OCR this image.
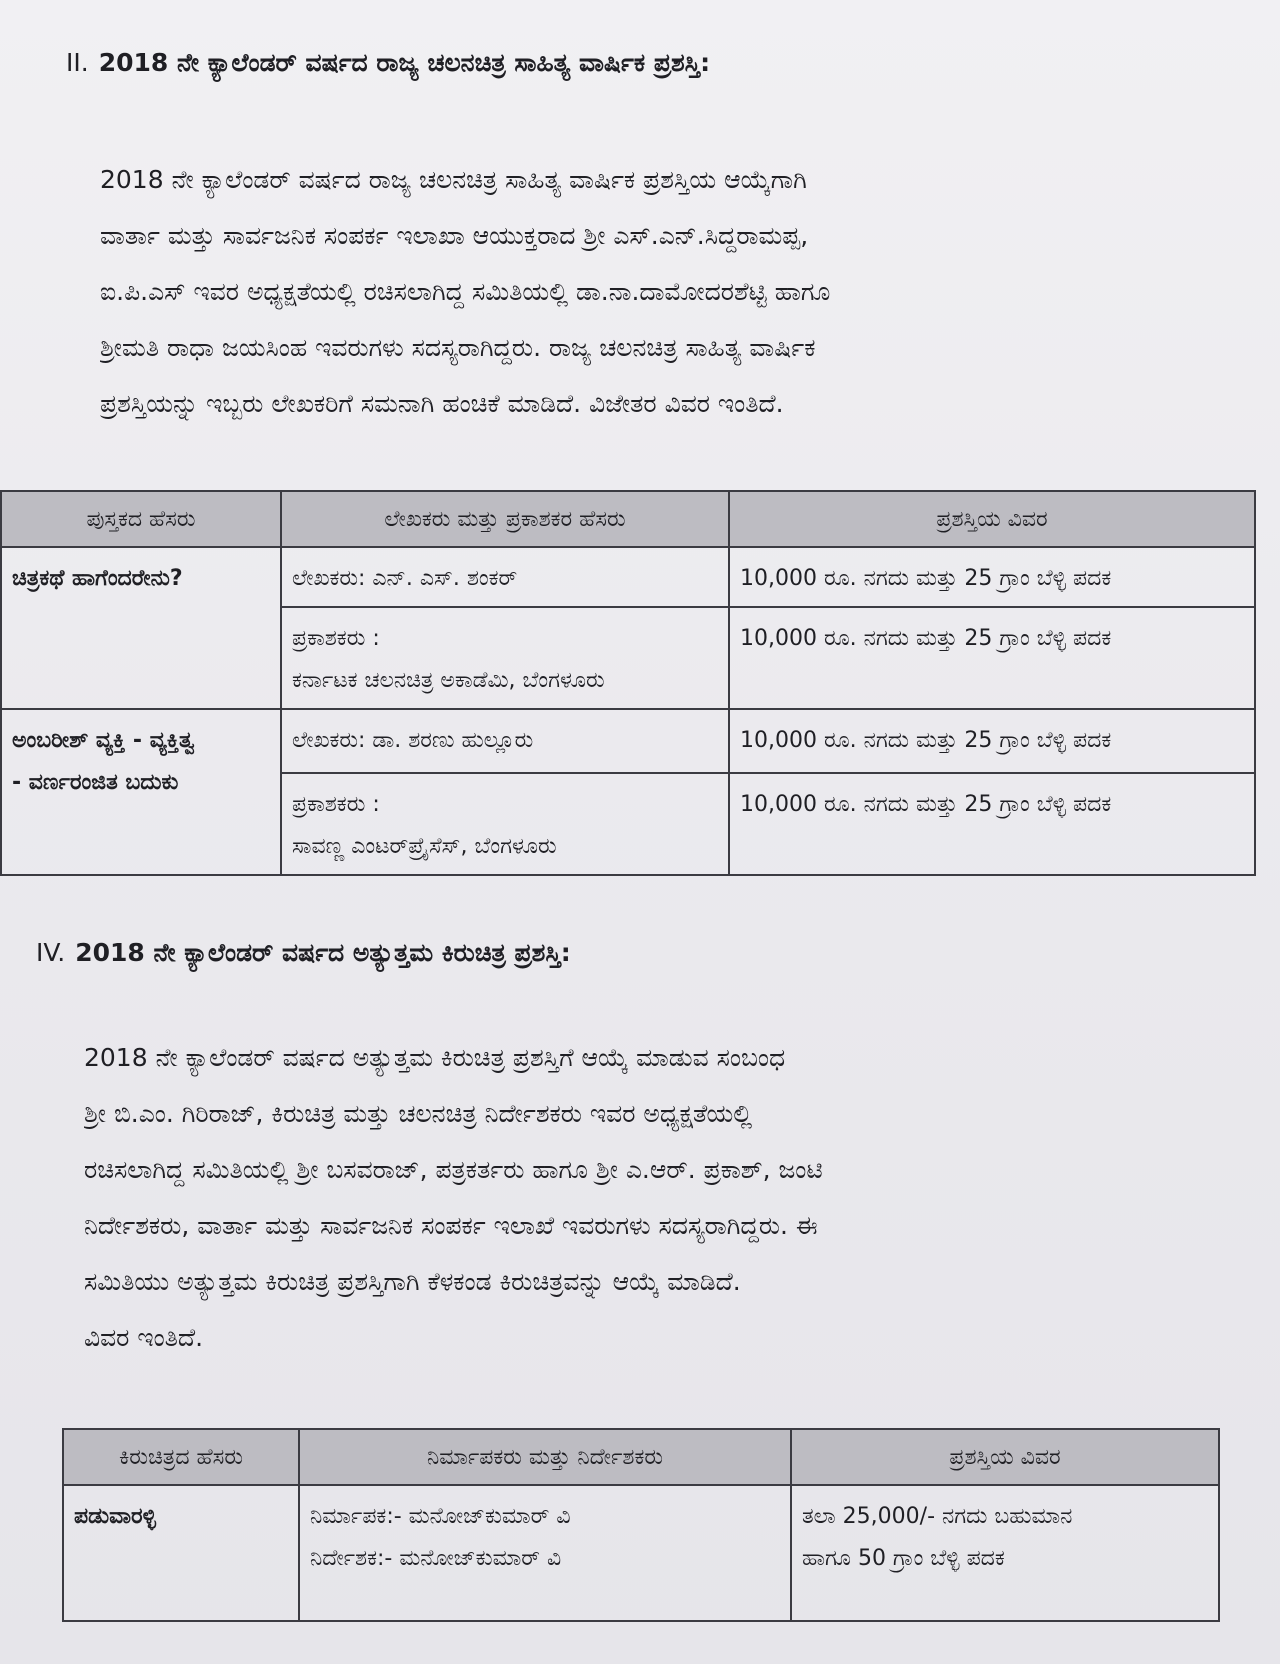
II. 2018 ನೇ ಕ್ಯಾಲೆಂಡರ್ ವರ್ಷದ ರಾಜ್ಯ ಚಲನಚಿತ್ರ ಸಾಹಿತ್ಯ ವಾರ್ಷಿಕ ಪ್ರಶಸ್ತಿ:
2018 ನೇ ಕ್ಯಾಲೆಂಡರ್ ವರ್ಷದ ರಾಜ್ಯ ಚಲನಚಿತ್ರ ಸಾಹಿತ್ಯ ವಾರ್ಷಿಕ ಪ್ರಶಸ್ತಿಯ ಆಯ್ಕೆಗಾಗಿ
ವಾರ್ತಾ ಮತ್ತು ಸಾರ್ವಜನಿಕ ಸಂಪರ್ಕ ಇಲಾಖಾ ಆಯುಕ್ತರಾದ ಶ್ರೀ ಎಸ್.ಎನ್.ಸಿದ್ದರಾಮಪ್ಪ,
ಐ.ಪಿ.ಎಸ್ ಇವರ ಅಧ್ಯಕ್ಷತೆಯಲ್ಲಿ ರಚಿಸಲಾಗಿದ್ದ ಸಮಿತಿಯಲ್ಲಿ ಡಾ.ನಾ.ದಾಮೋದರಶೆಟ್ಟಿ ಹಾಗೂ
ಶ್ರೀಮತಿ ರಾಧಾ ಜಯಸಿಂಹ ಇವರುಗಳು ಸದಸ್ಯರಾಗಿದ್ದರು. ರಾಜ್ಯ ಚಲನಚಿತ್ರ ಸಾಹಿತ್ಯ ವಾರ್ಷಿಕ
ಪ್ರಶಸ್ತಿಯನ್ನು ಇಬ್ಬರು ಲೇಖಕರಿಗೆ ಸಮನಾಗಿ ಹಂಚಿಕೆ ಮಾಡಿದೆ. ವಿಜೇತರ ವಿವರ ಇಂತಿದೆ.
ಪುಸ್ತಕದ ಹೆಸರು	ಲೇಖಕರು ಮತ್ತು ಪ್ರಕಾಶಕರ ಹೆಸರು	ಪ್ರಶಸ್ತಿಯ ವಿವರ

ಚಿತ್ರಕಥೆ ಹಾಗೆಂದರೇನು?	ಲೇಖಕರು: ಎನ್. ಎಸ್. ಶಂಕರ್	10,000 ರೂ. ನಗದು ಮತ್ತು 25 ಗ್ರಾಂ ಬೆಳ್ಳಿ ಪದಕ

	ಪ್ರಕಾಶಕರು :
ಕರ್ನಾಟಕ ಚಲನಚಿತ್ರ ಅಕಾಡೆಮಿ, ಬೆಂಗಳೂರು	10,000 ರೂ. ನಗದು ಮತ್ತು 25 ಗ್ರಾಂ ಬೆಳ್ಳಿ ಪದಕ

ಅಂಬರೀಶ್ ವ್ಯಕ್ತಿ - ವ್ಯಕ್ತಿತ್ವ
- ವರ್ಣರಂಜಿತ ಬದುಕು	ಲೇಖಕರು: ಡಾ. ಶರಣು ಹುಲ್ಲೂರು	10,000 ರೂ. ನಗದು ಮತ್ತು 25 ಗ್ರಾಂ ಬೆಳ್ಳಿ ಪದಕ

	ಪ್ರಕಾಶಕರು :
ಸಾವಣ್ಣ ಎಂಟರ್‌ಪ್ರೈಸೆಸ್, ಬೆಂಗಳೂರು	10,000 ರೂ. ನಗದು ಮತ್ತು 25 ಗ್ರಾಂ ಬೆಳ್ಳಿ ಪದಕ
IV. 2018 ನೇ ಕ್ಯಾಲೆಂಡರ್ ವರ್ಷದ ಅತ್ಯುತ್ತಮ ಕಿರುಚಿತ್ರ ಪ್ರಶಸ್ತಿ:
2018 ನೇ ಕ್ಯಾಲೆಂಡರ್ ವರ್ಷದ ಅತ್ಯುತ್ತಮ ಕಿರುಚಿತ್ರ ಪ್ರಶಸ್ತಿಗೆ ಆಯ್ಕೆ ಮಾಡುವ ಸಂಬಂಧ
ಶ್ರೀ ಬಿ.ಎಂ. ಗಿರಿರಾಜ್, ಕಿರುಚಿತ್ರ ಮತ್ತು ಚಲನಚಿತ್ರ ನಿರ್ದೇಶಕರು ಇವರ ಅಧ್ಯಕ್ಷತೆಯಲ್ಲಿ
ರಚಿಸಲಾಗಿದ್ದ ಸಮಿತಿಯಲ್ಲಿ ಶ್ರೀ ಬಸವರಾಜ್, ಪತ್ರಕರ್ತರು ಹಾಗೂ ಶ್ರೀ ಎ.ಆರ್. ಪ್ರಕಾಶ್, ಜಂಟಿ
ನಿರ್ದೇಶಕರು, ವಾರ್ತಾ ಮತ್ತು ಸಾರ್ವಜನಿಕ ಸಂಪರ್ಕ ಇಲಾಖೆ ಇವರುಗಳು ಸದಸ್ಯರಾಗಿದ್ದರು. ಈ
ಸಮಿತಿಯು ಅತ್ಯುತ್ತಮ ಕಿರುಚಿತ್ರ ಪ್ರಶಸ್ತಿಗಾಗಿ ಕೆಳಕಂಡ ಕಿರುಚಿತ್ರವನ್ನು ಆಯ್ಕೆ ಮಾಡಿದೆ.
ವಿವರ ಇಂತಿದೆ.
ಕಿರುಚಿತ್ರದ ಹೆಸರು	ನಿರ್ಮಾಪಕರು ಮತ್ತು ನಿರ್ದೇಶಕರು	ಪ್ರಶಸ್ತಿಯ ವಿವರ

ಪಡುವಾರಳ್ಳಿ	ನಿರ್ಮಾಪಕ:- ಮನೋಜ್‌ಕುಮಾರ್ ವಿ
ನಿರ್ದೇಶಕ:- ಮನೋಜ್‌ಕುಮಾರ್ ವಿ	ತಲಾ 25,000/- ನಗದು ಬಹುಮಾನ
ಹಾಗೂ 50 ಗ್ರಾಂ ಬೆಳ್ಳಿ ಪದಕ
